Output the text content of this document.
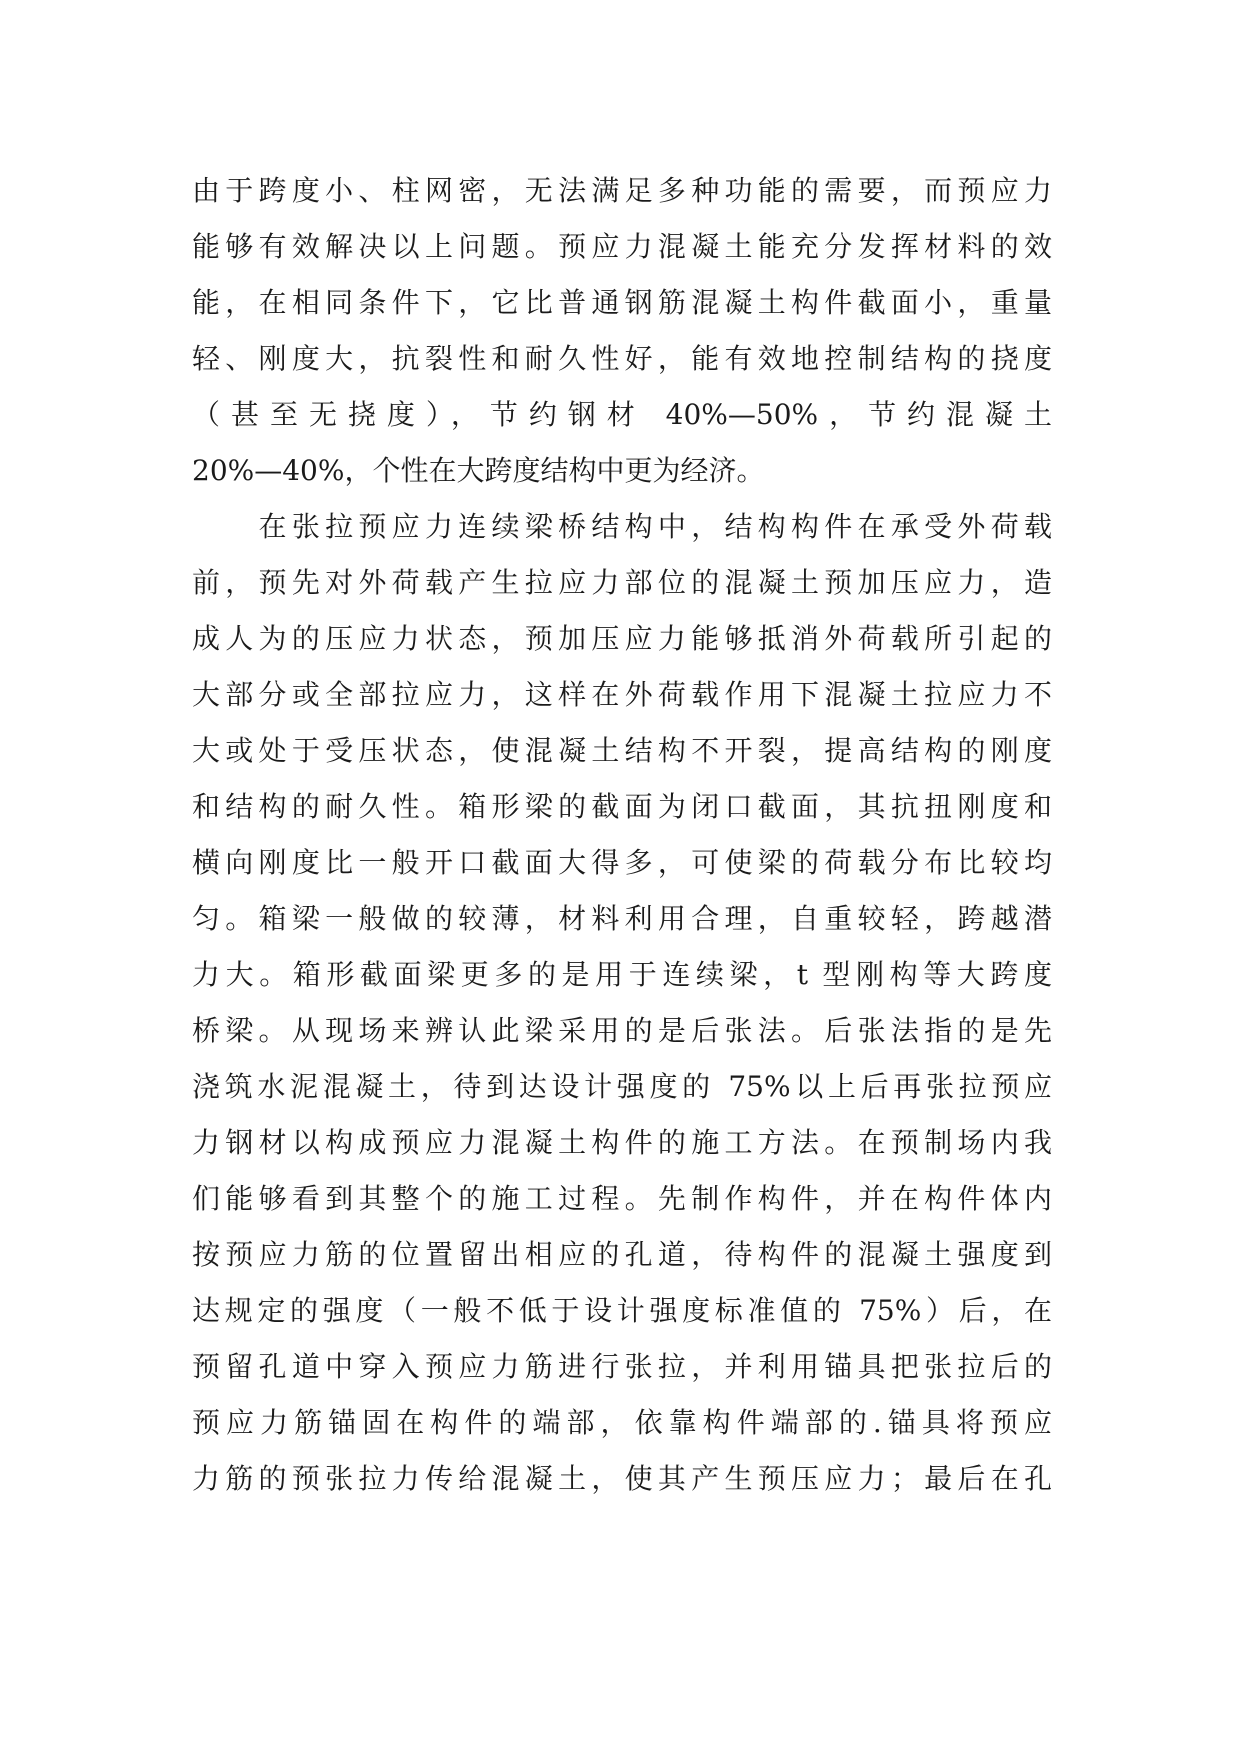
由于跨度小、柱网密，无法满足多种功能的需要，而预应力
能够有效解决以上问题。预应力混凝土能充分发挥材料的效
能，在相同条件下，它比普通钢筋混凝土构件截面小，重量
轻、刚度大，抗裂性和耐久性好，能有效地控制结构的挠度
（甚至无挠度），节约钢材 40%—50%，节约混凝土
20%—40%，个性在大跨度结构中更为经济。
　　在张拉预应力连续梁桥结构中，结构构件在承受外荷载
前，预先对外荷载产生拉应力部位的混凝土预加压应力，造
成人为的压应力状态，预加压应力能够抵消外荷载所引起的
大部分或全部拉应力，这样在外荷载作用下混凝土拉应力不
大或处于受压状态，使混凝土结构不开裂，提高结构的刚度
和结构的耐久性。箱形梁的截面为闭口截面，其抗扭刚度和
横向刚度比一般开口截面大得多，可使梁的荷载分布比较均
匀。箱梁一般做的较薄，材料利用合理，自重较轻，跨越潜
力大。箱形截面梁更多的是用于连续梁，t 型刚构等大跨度
桥梁。从现场来辨认此梁采用的是后张法。后张法指的是先
浇筑水泥混凝土，待到达设计强度的 75%以上后再张拉预应
力钢材以构成预应力混凝土构件的施工方法。在预制场内我
们能够看到其整个的施工过程。先制作构件，并在构件体内
按预应力筋的位置留出相应的孔道，待构件的混凝土强度到
达规定的强度（一般不低于设计强度标准值的 75%）后，在
预留孔道中穿入预应力筋进行张拉，并利用锚具把张拉后的
预应力筋锚固在构件的端部，依靠构件端部的.锚具将预应
力筋的预张拉力传给混凝土，使其产生预压应力；最后在孔
